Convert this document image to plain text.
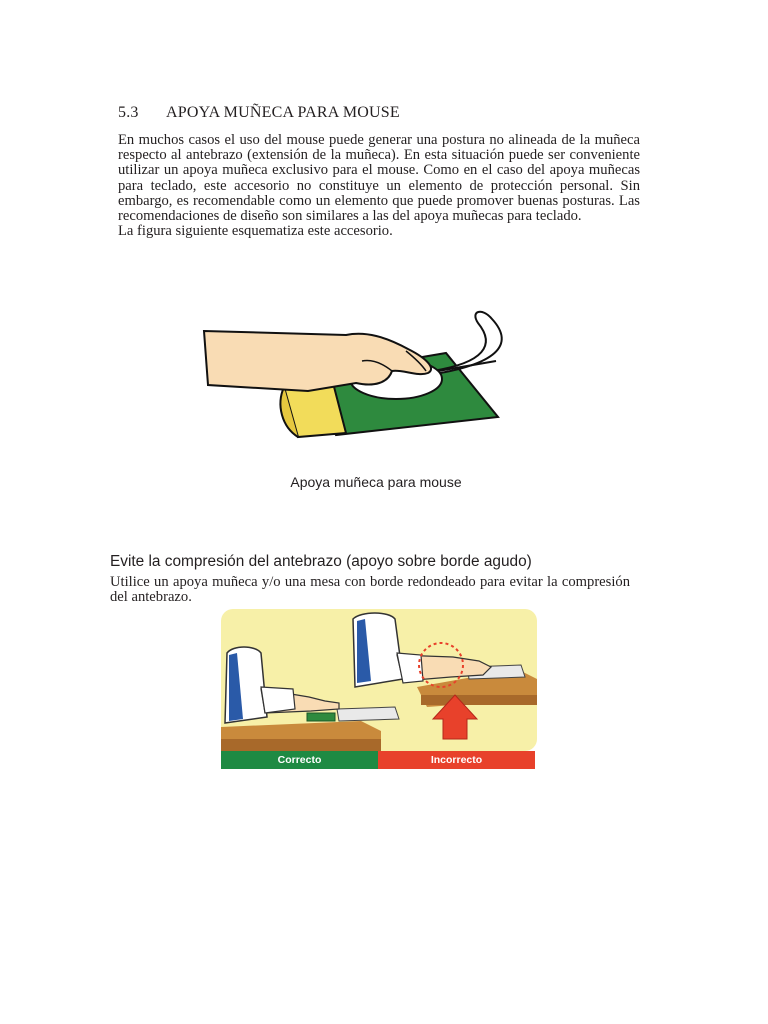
5.3 APOYA MUÑECA PARA MOUSE

En muchos casos el uso del mouse puede generar una postura no alineada de la muñeca respecto al antebrazo (extensión de la muñeca). En esta situación puede ser conveniente utilizar un apoya muñeca exclusivo para el mouse. Como en el caso del apoya muñecas para teclado, este accesorio no constituye un elemento de protección personal. Sin embargo, es recomendable como un elemento que puede promover buenas posturas. Las recomendaciones de diseño son similares a las del apoya muñecas para teclado.

La figura siguiente esquematiza este accesorio.

Apoya muñeca para mouse
Evite la compresión del antebrazo (apoyo sobre borde agudo)

Utilice un apoya muñeca y/o una mesa con borde redondeado para evitar la compresión del antebrazo.

Correcto	Incorrecto
